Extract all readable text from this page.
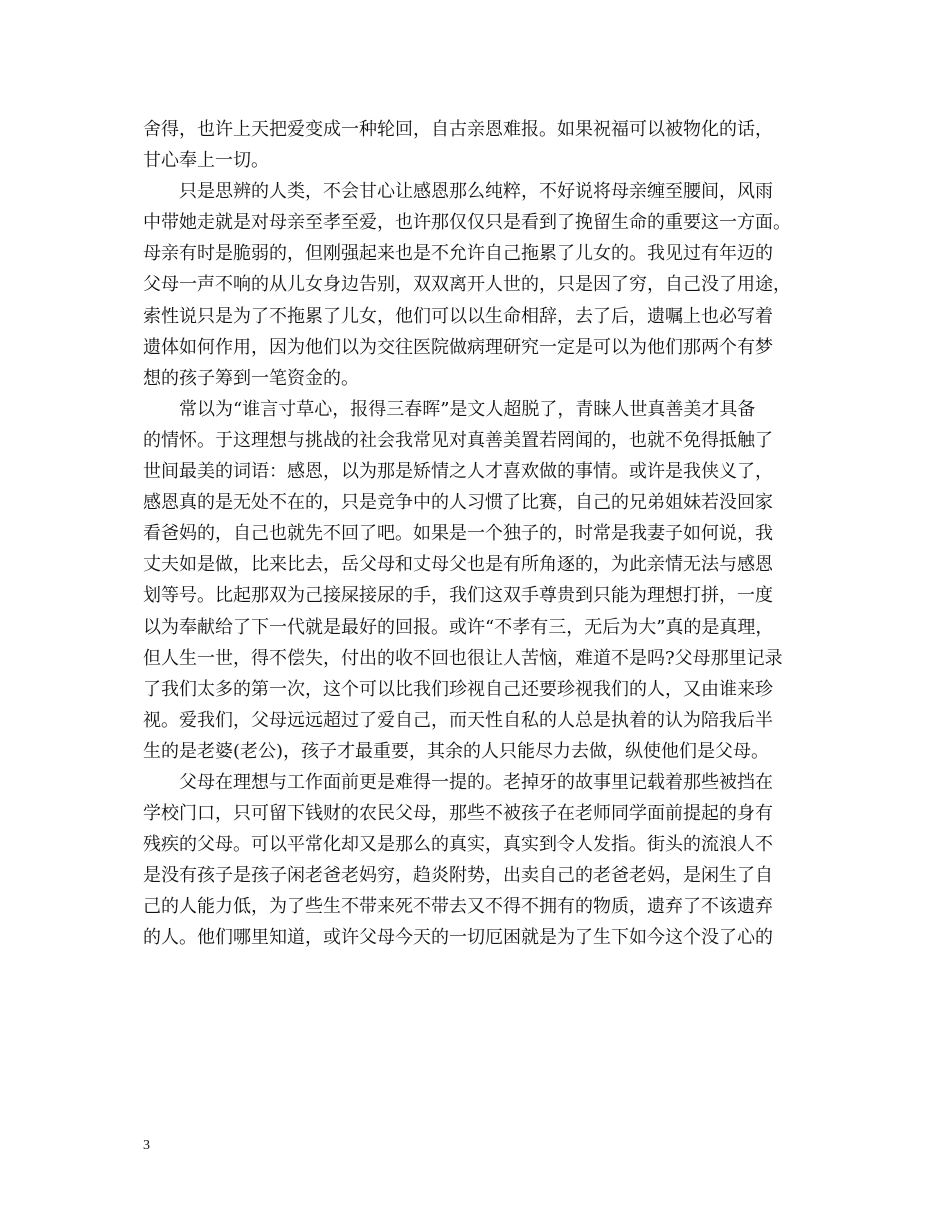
舍得，也许上天把爱变成一种轮回，自古亲恩难报。如果祝福可以被物化的话，
甘心奉上一切。
只是思辨的人类，不会甘心让感恩那么纯粹，不好说将母亲缠至腰间，风雨
中带她走就是对母亲至孝至爱，也许那仅仅只是看到了挽留生命的重要这一方面。
母亲有时是脆弱的，但刚强起来也是不允许自己拖累了儿女的。我见过有年迈的
父母一声不响的从儿女身边告别，双双离开人世的，只是因了穷，自己没了用途，
索性说只是为了不拖累了儿女，他们可以以生命相辞，去了后，遗嘱上也必写着
遗体如何作用，因为他们以为交往医院做病理研究一定是可以为他们那两个有梦
想的孩子筹到一笔资金的。
常以为“谁言寸草心，报得三春晖”是文人超脱了，青睐人世真善美才具备
的情怀。于这理想与挑战的社会我常见对真善美置若罔闻的，也就不免得抵触了
世间最美的词语：感恩，以为那是矫情之人才喜欢做的事情。或许是我侠义了，
感恩真的是无处不在的，只是竞争中的人习惯了比赛，自己的兄弟姐妹若没回家
看爸妈的，自己也就先不回了吧。如果是一个独子的，时常是我妻子如何说，我
丈夫如是做，比来比去，岳父母和丈母父也是有所角逐的，为此亲情无法与感恩
划等号。比起那双为己接屎接尿的手，我们这双手尊贵到只能为理想打拼，一度
以为奉献给了下一代就是最好的回报。或许“不孝有三，无后为大”真的是真理，
但人生一世，得不偿失，付出的收不回也很让人苦恼，难道不是吗?父母那里记录
了我们太多的第一次，这个可以比我们珍视自己还要珍视我们的人，又由谁来珍
视。爱我们，父母远远超过了爱自己，而天性自私的人总是执着的认为陪我后半
生的是老婆(老公)，孩子才最重要，其余的人只能尽力去做，纵使他们是父母。
父母在理想与工作面前更是难得一提的。老掉牙的故事里记载着那些被挡在
学校门口，只可留下钱财的农民父母，那些不被孩子在老师同学面前提起的身有
残疾的父母。可以平常化却又是那么的真实，真实到令人发指。街头的流浪人不
是没有孩子是孩子闲老爸老妈穷，趋炎附势，出卖自己的老爸老妈，是闲生了自
己的人能力低，为了些生不带来死不带去又不得不拥有的物质，遗弃了不该遗弃
的人。他们哪里知道，或许父母今天的一切厄困就是为了生下如今这个没了心的
3
